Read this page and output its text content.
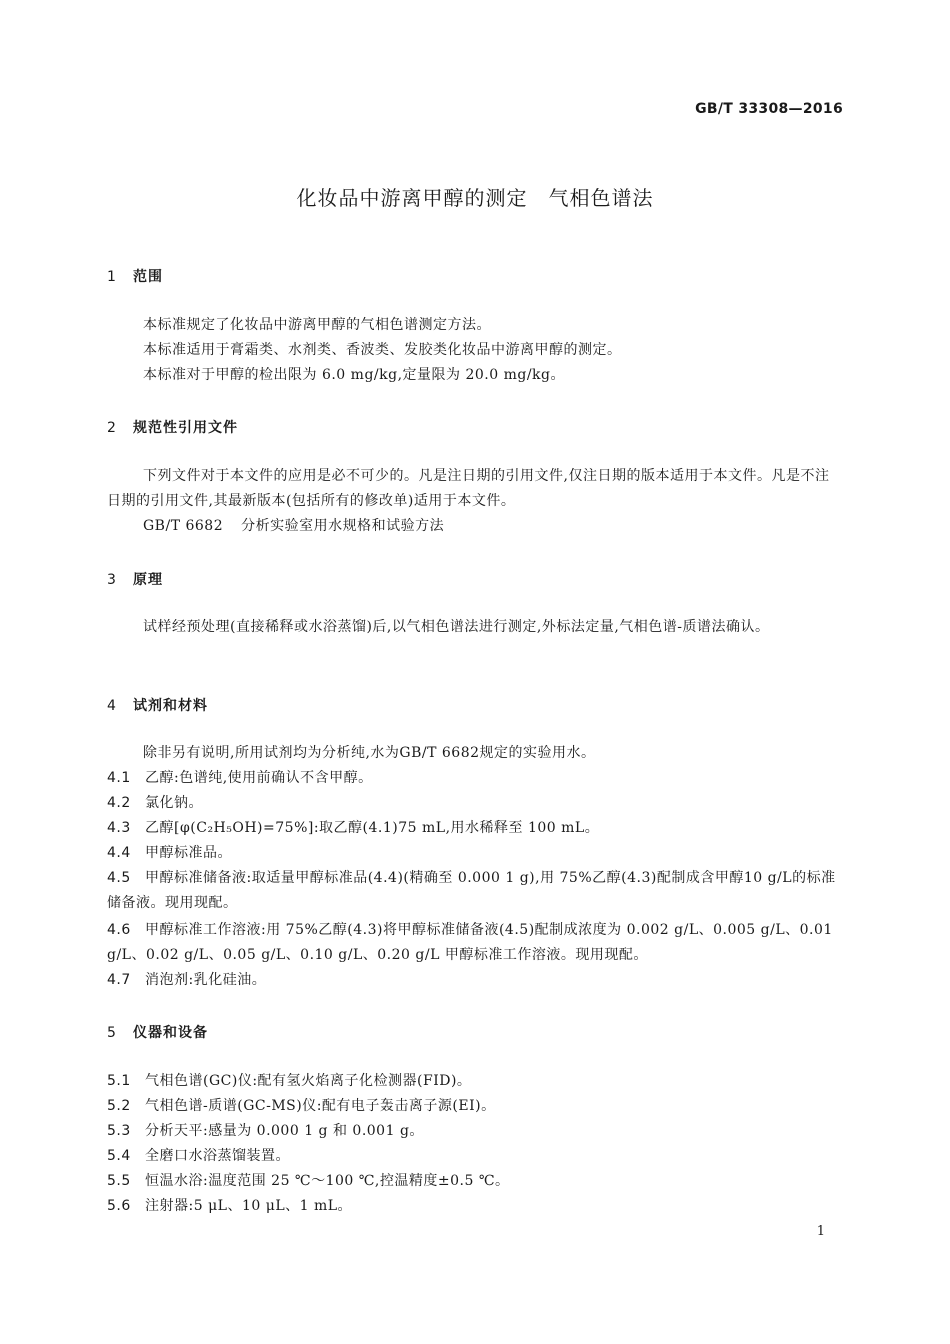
GB/T 33308—2016
化妆品中游离甲醇的测定　气相色谱法
1 范围
本标准规定了化妆品中游离甲醇的气相色谱测定方法。
本标准适用于膏霜类、水剂类、香波类、发胶类化妆品中游离甲醇的测定。
本标准对于甲醇的检出限为 6.0 mg/kg,定量限为 20.0 mg/kg。
2 规范性引用文件
下列文件对于本文件的应用是必不可少的。凡是注日期的引用文件,仅注日期的版本适用于本文件。凡是不注日期的引用文件,其最新版本(包括所有的修改单)适用于本文件。
GB/T 6682 分析实验室用水规格和试验方法
3 原理
试样经预处理(直接稀释或水浴蒸馏)后,以气相色谱法进行测定,外标法定量,气相色谱-质谱法确认。
4 试剂和材料
除非另有说明,所用试剂均为分析纯,水为GB/T 6682规定的实验用水。
4.1 乙醇:色谱纯,使用前确认不含甲醇。
4.2 氯化钠。
4.3 乙醇[φ(C₂H₅OH)=75%]:取乙醇(4.1)75 mL,用水稀释至 100 mL。
4.4 甲醇标准品。
4.5 甲醇标准储备液:取适量甲醇标准品(4.4)(精确至 0.000 1 g),用 75%乙醇(4.3)配制成含甲醇10 g/L的标准储备液。现用现配。
4.6 甲醇标准工作溶液:用 75%乙醇(4.3)将甲醇标准储备液(4.5)配制成浓度为 0.002 g/L、0.005 g/L、0.01 g/L、0.02 g/L、0.05 g/L、0.10 g/L、0.20 g/L 甲醇标准工作溶液。现用现配。
4.7 消泡剂:乳化硅油。
5 仪器和设备
5.1 气相色谱(GC)仪:配有氢火焰离子化检测器(FID)。
5.2 气相色谱-质谱(GC-MS)仪:配有电子轰击离子源(EI)。
5.3 分析天平:感量为 0.000 1 g 和 0.001 g。
5.4 全磨口水浴蒸馏装置。
5.5 恒温水浴:温度范围 25 ℃～100 ℃,控温精度±0.5 ℃。
5.6 注射器:5 μL、10 μL、1 mL。
1
